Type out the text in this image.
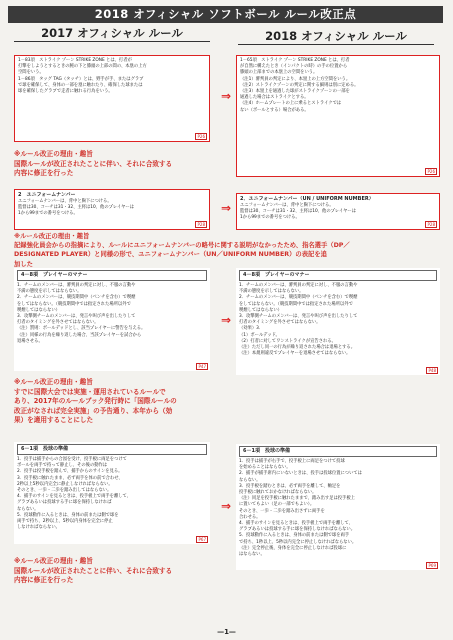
2018 オフィシャル ソフトボール ルール改正点
2017 オフィシャル ルール	2018 オフィシャル ルール
1－83項　ストライク ゾーン STRIKE ZONE とは、打者が
打撃をしようとするときの腕の下と膝頭の上部の間の、本塁の上方
空間をいう。
1－86項　タッグ TAG（タッチ）とは、野手が手、またはグラブ
で球を確保して、身体の一部を塁に触れたり、確保した球または
球を確保したグラブで走者に触れる行為をいう。
P26
⇒
1－65項　ストライク ゾーン STRIKE ZONE とは、打者
が自然に構えたとき（インパクトの時）の手の位置から
膝頭の上部までの本塁上の空間をいう。
（注1）審判員の判定により、本塁上の上方空間をいう。
（注2）ストライクゾーンの判定に関する細則は別に定める。
（注3）本塁上を通過した球がストライクゾーンの一部を
通過した場合はストライクとする。
（注4）ホームプレートの上に乗るとストライクでは
ない（ボールとする）場合がある。
P26
※ルール改正の理由・趣旨
国際ルールが改正されたことに伴い、それに合致する
内容に修正を行った
2　ユニフォームナンバー
ユニフォームナンバーは、背中と胸下につける。
監督は30、コーチは31・32、主将は10、他のプレイヤーは
1から99までの番号をつける。
P28
⇒
2．ユニフォームナンバー（UN / UNIFORM NUMBER）
ユニフォームナンバーは、背中と胸下につける。
監督は30、コーチは31・32、主将は10、他のプレイヤーは
1から99までの番号をつける。
P28
※ルール改正の理由・趣旨
記録強化員会からの指摘により、ルールにユニフォームナンバーの略号に関する説明がなかったため、指名選手（DP／
DESIGNATED PLAYER）と同様の形で、ユニフォームナンバー（UN／UNIFORM NUMBER）の表記を追
加した
4－8項　プレイヤーのマナー
1．チームのメンバーは、審判員の判定に対し、不服の言動や
不満の態度を示してはならない。
2．チームのメンバーは、競技期間中（ベンチを含む）で喫煙
をしてはならない。（競技期間中では指定された場所以外で
喫煙してはならない）
3．攻撃側チームのメンバーは、発言や叫び声を出したりして
打者のタイミングを外させてはならない。
（注）罰則：ボールデッドとし、該当プレイヤーに警告を与える。
（注）同様の行為を繰り返した場合、当該プレイヤーを試合から
退場させる。
P47
⇒
4－8項　プレイヤーのマナー
1．チームのメンバーは、審判員の判定に対し、不服の言動や
不満の態度を示してはならない。
2．チームのメンバーは、競技期間中（ベンチを含む）で喫煙
をしてはならない。（競技期間中では指定された場所以外で
喫煙してはならない）
3．攻撃側チームのメンバーは、発言や叫び声を出したりして
打者のタイミングを外させてはならない。
（効果）3．
（1）ボールデッド。
（2）打者に対してワンストライクが宣告される。
（注）ただし同一の行為が繰り返された場合は退場とする。
（注）本規則違反でプレイヤーを退場させてはならない。
P48
※ルール改正の理由・趣旨
すでに国際大会では実施・運用されているルールで
あり、2017年のルールブック発行時に「国際ルールの
改正がなされば完全実施」の予告通り、本年から（効
果）を適用することにした
6－1項　投球の準備
1．投手は捕手からの合図を受け、投手板に両足をつけて
ボールを両手で持って静止し、その後の動作は
2．投手は投手板を踏んで、捕手からのサインを見る。
3．投手板に触れたまま、必ず両手を体の前で合わせ、
2秒以上5秒以内完全に静止しなければならない。
そのとき、一歩・二歩を踏み出してはならない。
4．捕手のサインを見るときは、投手板上で両手を離して、
グラブあるいは投球する手に球を保持しなければ
ならない。
5．投球動作に入るときは、身体の前または側で球を
両手で持ち、2秒以上、5秒以内身体を完全に停止
しなければならない。
P67
⇒
6－1項　投球の準備
1．投手は捕手が右手で、投手板上に両足をつけて投球
を始めることはならない。
2．捕手が捕手席内にいないときは、投手は投球位置については
ならない。
3．投手板を踏むときは、必ず両手を離して、軸足を
投手板に触れておかなければならない。
（注）同足を投手板に触れたままで、踏み出す足は投手板上
に置いてもよい（足の一部でもよい）。
そのとき、一歩・二歩を踏み出さずに両手を
合わせる。
4．捕手のサインを見るときは、投手板上で両手を離して、
グラブあるいは投球する手に球を保持しなければならない。
5．投球動作に入るときは、身体の前または側で球を両手
で持ち、1秒以上、5秒以内完全に停止しなければならない。
（注）完全停止後、身体を完全に停止しなければ投球に
はならない。
P69
※ルール改正の理由・趣旨
国際ルールが改正されたことに伴い、それに合致する
内容に修正を行った
—1—
